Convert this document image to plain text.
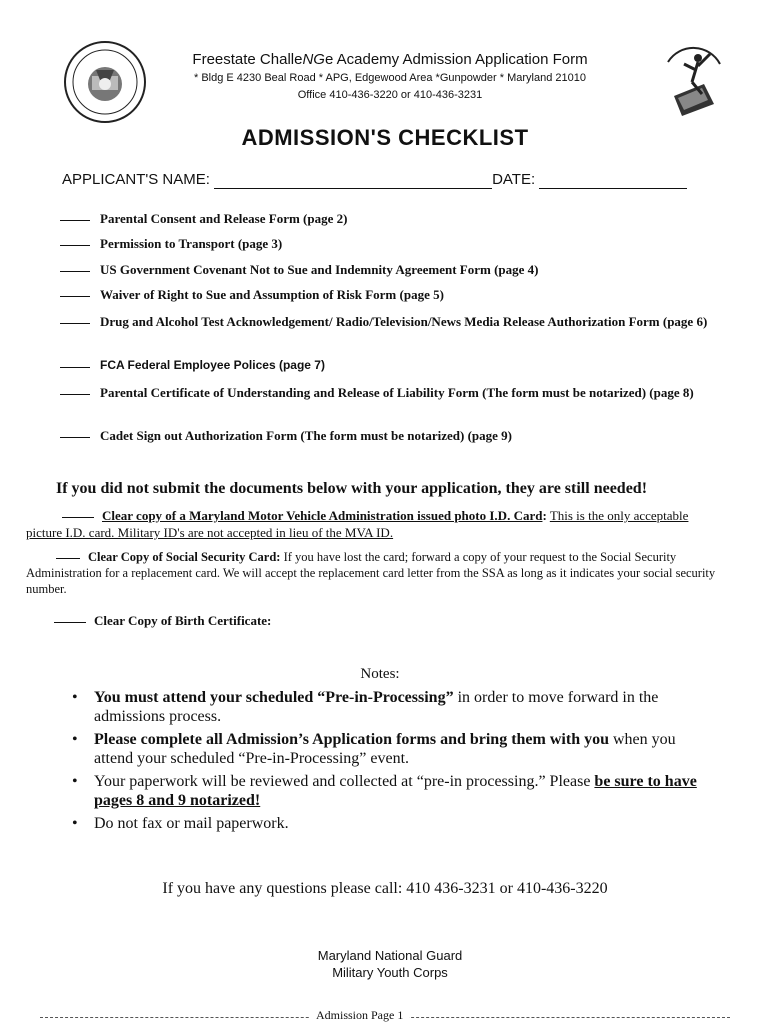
Freestate ChalleNGe Academy Admission Application Form
* Bldg E 4230 Beal Road * APG, Edgewood Area *Gunpowder * Maryland 21010
Office 410-436-3220 or 410-436-3231
ADMISSION'S CHECKLIST
APPLICANT'S NAME:	DATE:
Parental Consent and Release Form (page 2)
Permission to Transport (page 3)
US Government Covenant Not to Sue and Indemnity Agreement Form (page 4)
Waiver of Right to Sue and Assumption of Risk Form (page 5)
Drug and Alcohol Test Acknowledgement/ Radio/Television/News Media Release Authorization Form (page 6)
FCA Federal Employee Polices (page 7)
Parental Certificate of Understanding and Release of Liability Form (The form must be notarized) (page 8)
Cadet Sign out Authorization Form (The form must be notarized) (page 9)
If you did not submit the documents below with your application, they are still needed!
Clear copy of a Maryland Motor Vehicle Administration issued photo I.D. Card: This is the only acceptable picture I.D. card. Military ID's are not accepted in lieu of the MVA ID.
Clear Copy of Social Security Card: If you have lost the card; forward a copy of your request to the Social Security Administration for a replacement card. We will accept the replacement card letter from the SSA as long as it indicates your social security number.
Clear Copy of Birth Certificate:
Notes:
• You must attend your scheduled “Pre-in-Processing” in order to move forward in the admissions process.
• Please complete all Admission’s Application forms and bring them with you when you attend your scheduled “Pre-in-Processing” event.
• Your paperwork will be reviewed and collected at “pre-in processing.” Please be sure to have pages 8 and 9 notarized!
• Do not fax or mail paperwork.
If you have any questions please call: 410 436-3231 or 410-436-3220
Maryland National Guard
Military Youth Corps
Admission Page 1
